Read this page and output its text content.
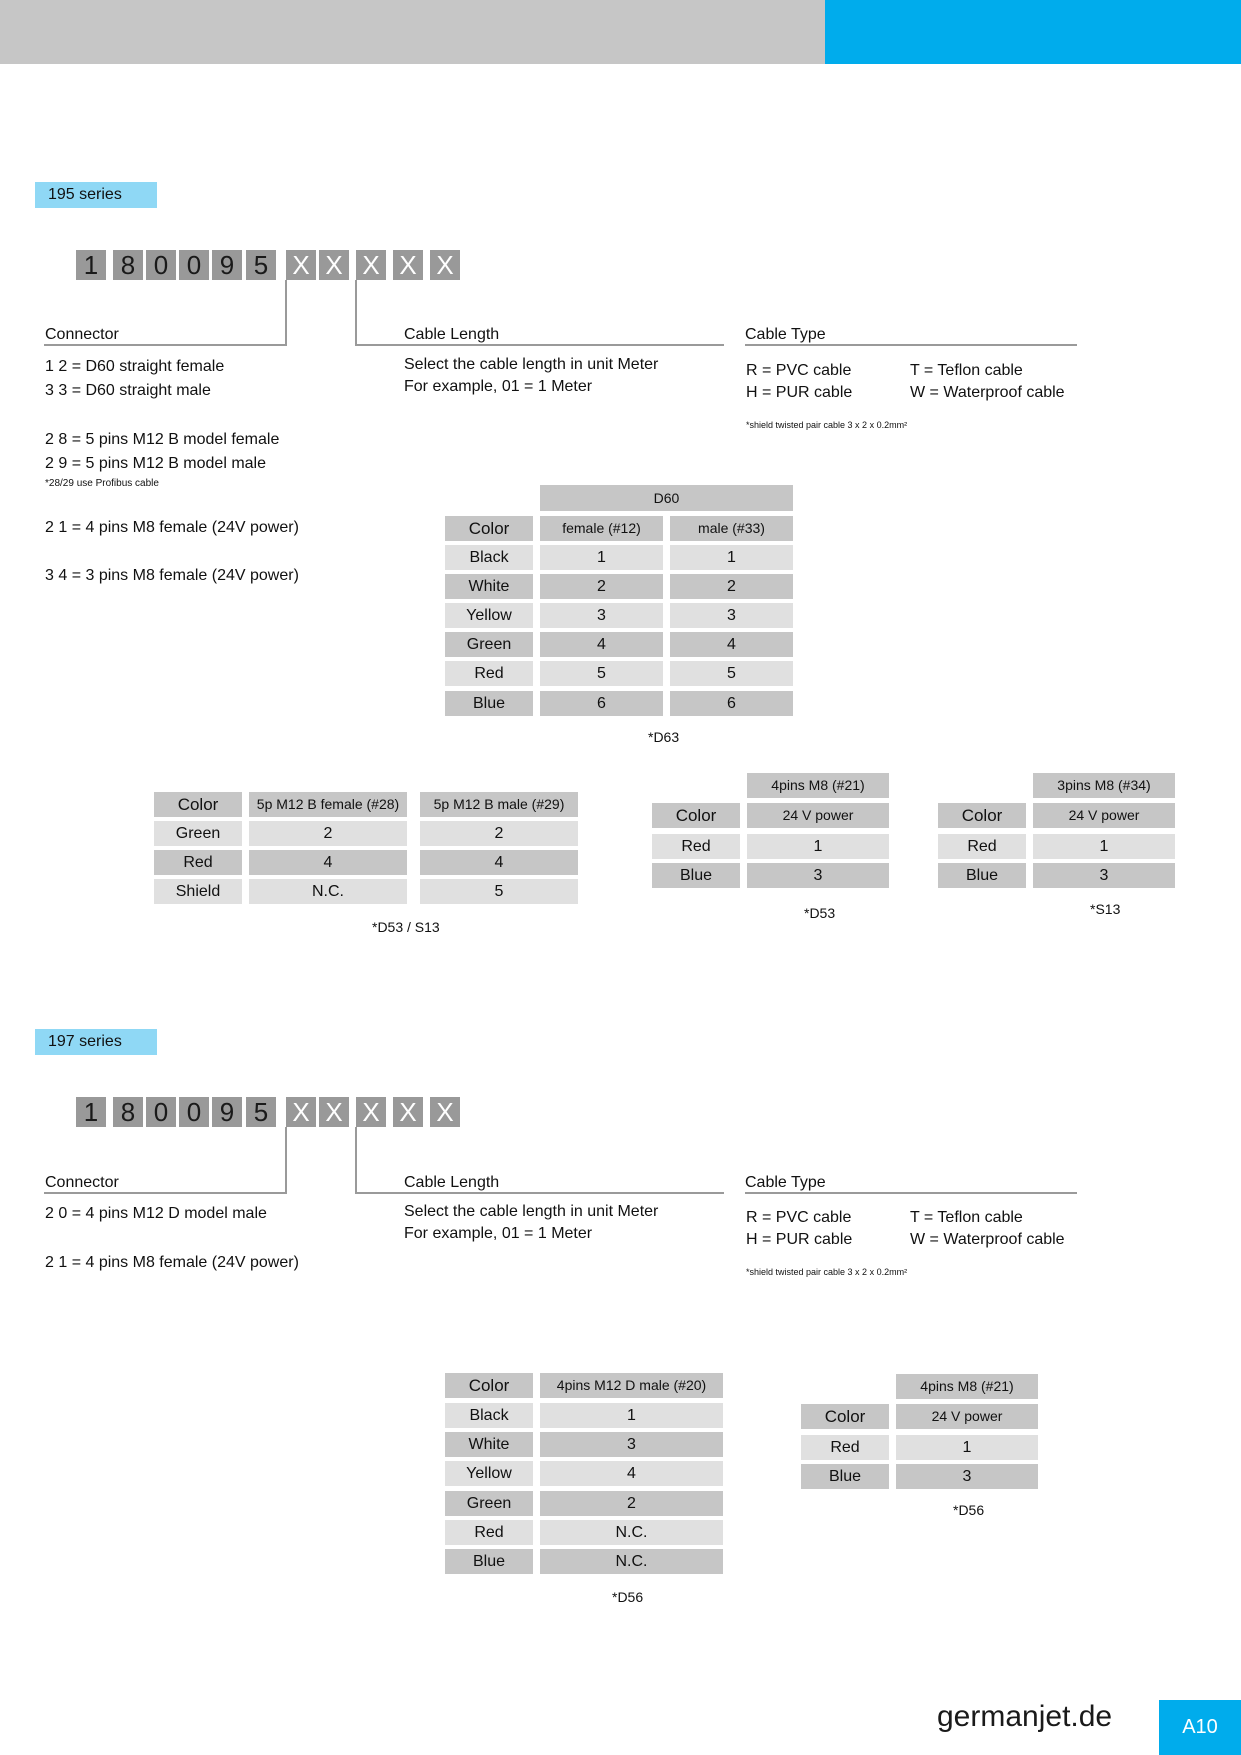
195 series
1 8 0 0 9 5 X X X X X
Connector	Cable Length	Cable Type
1 2 = D60 straight female
3 3 = D60 straight male
2 8 = 5 pins M12 B model female
2 9 = 5 pins M12 B model male
*28/29 use Profibus cable
2 1 = 4 pins M8 female (24V power)
3 4 = 3 pins M8 female (24V power)
Select the cable length in unit Meter
For example, 01 = 1 Meter
R = PVC cable	T = Teflon cable
H = PUR cable	W = Waterproof cable
*shield twisted pair cable 3 x 2 x 0.2mm²
D60
Color	female (#12)	male (#33)
Black	1	1
White	2	2
Yellow	3	3
Green	4	4
Red	5	5
Blue	6	6
*D63
Color	5p M12 B female (#28)	5p M12 B male (#29)
Green	2	2
Red	4	4
Shield	N.C.	5
*D53 / S13
4pins M8 (#21)
Color	24 V power
Red	1
Blue	3
*D53
3pins M8 (#34)
Color	24 V power
Red	1
Blue	3
*S13
197 series
1 8 0 0 9 5 X X X X X
Connector	Cable Length	Cable Type
2 0 = 4 pins M12 D model male
2 1 = 4 pins M8 female (24V power)
Select the cable length in unit Meter
For example, 01 = 1 Meter
R = PVC cable	T = Teflon cable
H = PUR cable	W = Waterproof cable
*shield twisted pair cable 3 x 2 x 0.2mm²
Color	4pins M12 D male (#20)
Black	1
White	3
Yellow	4
Green	2
Red	N.C.
Blue	N.C.
*D56
4pins M8 (#21)
Color	24 V power
Red	1
Blue	3
*D56
germanjet.de	A10
